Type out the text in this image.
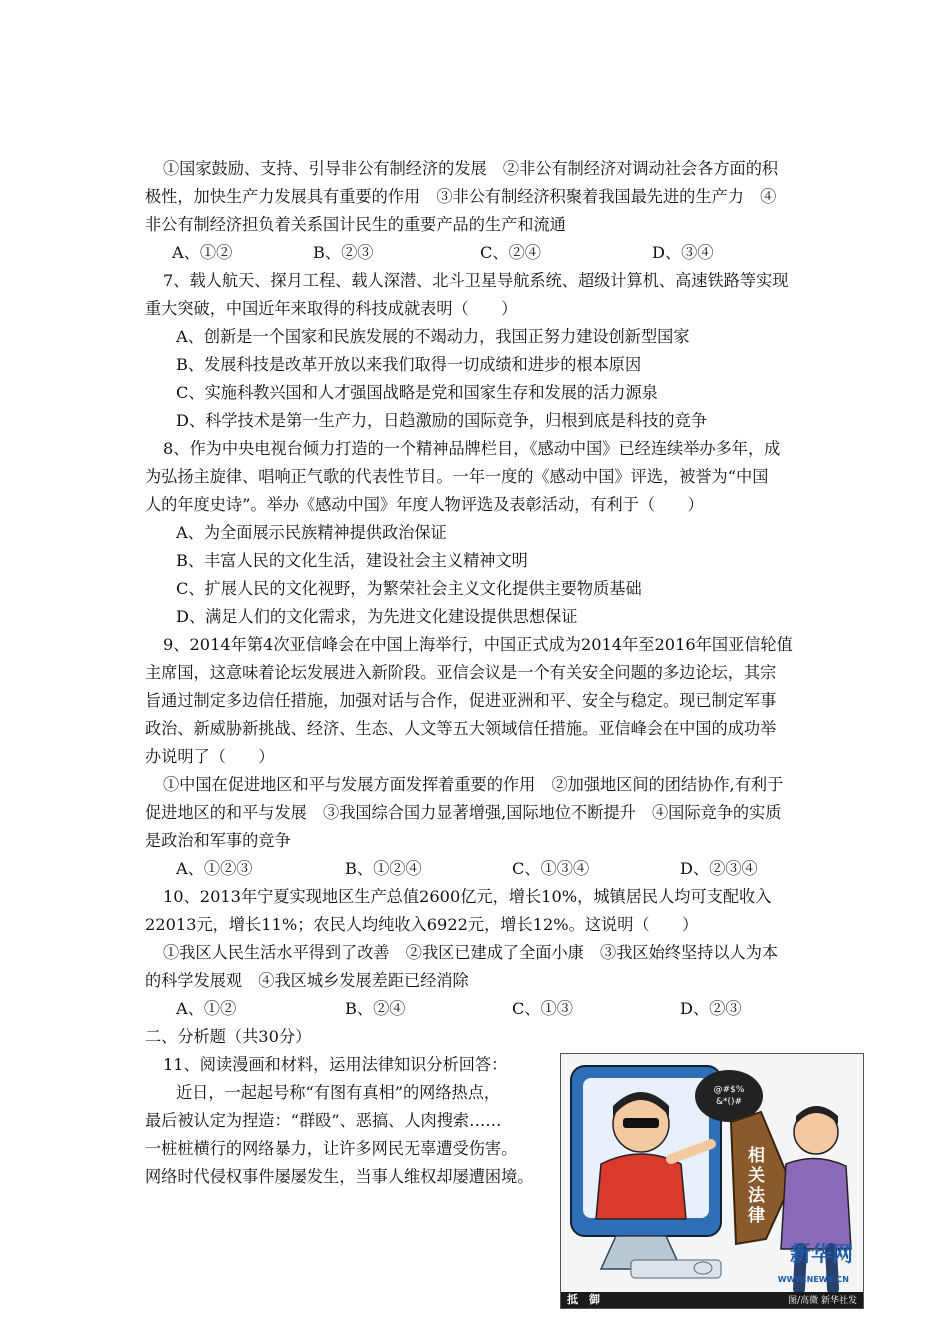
①国家鼓励、支持、引导非公有制经济的发展　②非公有制经济对调动社会各方面的积
极性，加快生产力发展具有重要的作用　③非公有制经济积聚着我国最先进的生产力　④
非公有制经济担负着关系国计民生的重要产品的生产和流通
A、①②	B、②③	C、②④	D、③④
7、载人航天、探月工程、载人深潜、北斗卫星导航系统、超级计算机、高速铁路等实现
重大突破，中国近年来取得的科技成就表明（　　）
A、创新是一个国家和民族发展的不竭动力，我国正努力建设创新型国家
B、发展科技是改革开放以来我们取得一切成绩和进步的根本原因
C、实施科教兴国和人才强国战略是党和国家生存和发展的活力源泉
D、科学技术是第一生产力，日趋激励的国际竞争，归根到底是科技的竞争
8、作为中央电视台倾力打造的一个精神品牌栏目，《感动中国》已经连续举办多年，成
为弘扬主旋律、唱响正气歌的代表性节目。一年一度的《感动中国》评选，被誉为“中国
人的年度史诗”。举办《感动中国》年度人物评选及表彰活动，有利于（　　）
A、为全面展示民族精神提供政治保证
B、丰富人民的文化生活，建设社会主义精神文明
C、扩展人民的文化视野，为繁荣社会主义文化提供主要物质基础
D、满足人们的文化需求，为先进文化建设提供思想保证
9、2014年第4次亚信峰会在中国上海举行，中国正式成为2014年至2016年国亚信轮值
主席国，这意味着论坛发展进入新阶段。亚信会议是一个有关安全问题的多边论坛，其宗
旨通过制定多边信任措施，加强对话与合作，促进亚洲和平、安全与稳定。现已制定军事
政治、新威胁新挑战、经济、生态、人文等五大领域信任措施。亚信峰会在中国的成功举
办说明了（　　）
①中国在促进地区和平与发展方面发挥着重要的作用　②加强地区间的团结协作,有利于
促进地区的和平与发展　③我国综合国力显著增强,国际地位不断提升　④国际竞争的实质
是政治和军事的竞争
A、①②③	B、①②④	C、①③④	D、②③④
10、2013年宁夏实现地区生产总值2600亿元，增长10%，城镇居民人均可支配收入
22013元，增长11%；农民人均纯收入6922元，增长12%。这说明（　　）
①我区人民生活水平得到了改善　②我区已建成了全面小康　③我区始终坚持以人为本
的科学发展观　④我区城乡发展差距已经消除
A、①②	B、②④	C、①③	D、②③
二、分析题（共30分）
11、阅读漫画和材料，运用法律知识分析回答：
近日，一起起号称“有图有真相”的网络热点，
最后被认定为捏造：“群殴”、恶搞、人肉搜索……
一桩桩横行的网络暴力，让许多网民无辜遭受伤害。
网络时代侵权事件屡屡发生，当事人维权却屡遭困境。
@#$%
&*()#
相
关
法
律
新华网
WWW.NEWS.CN
抵　御	图/高微 新华社发
